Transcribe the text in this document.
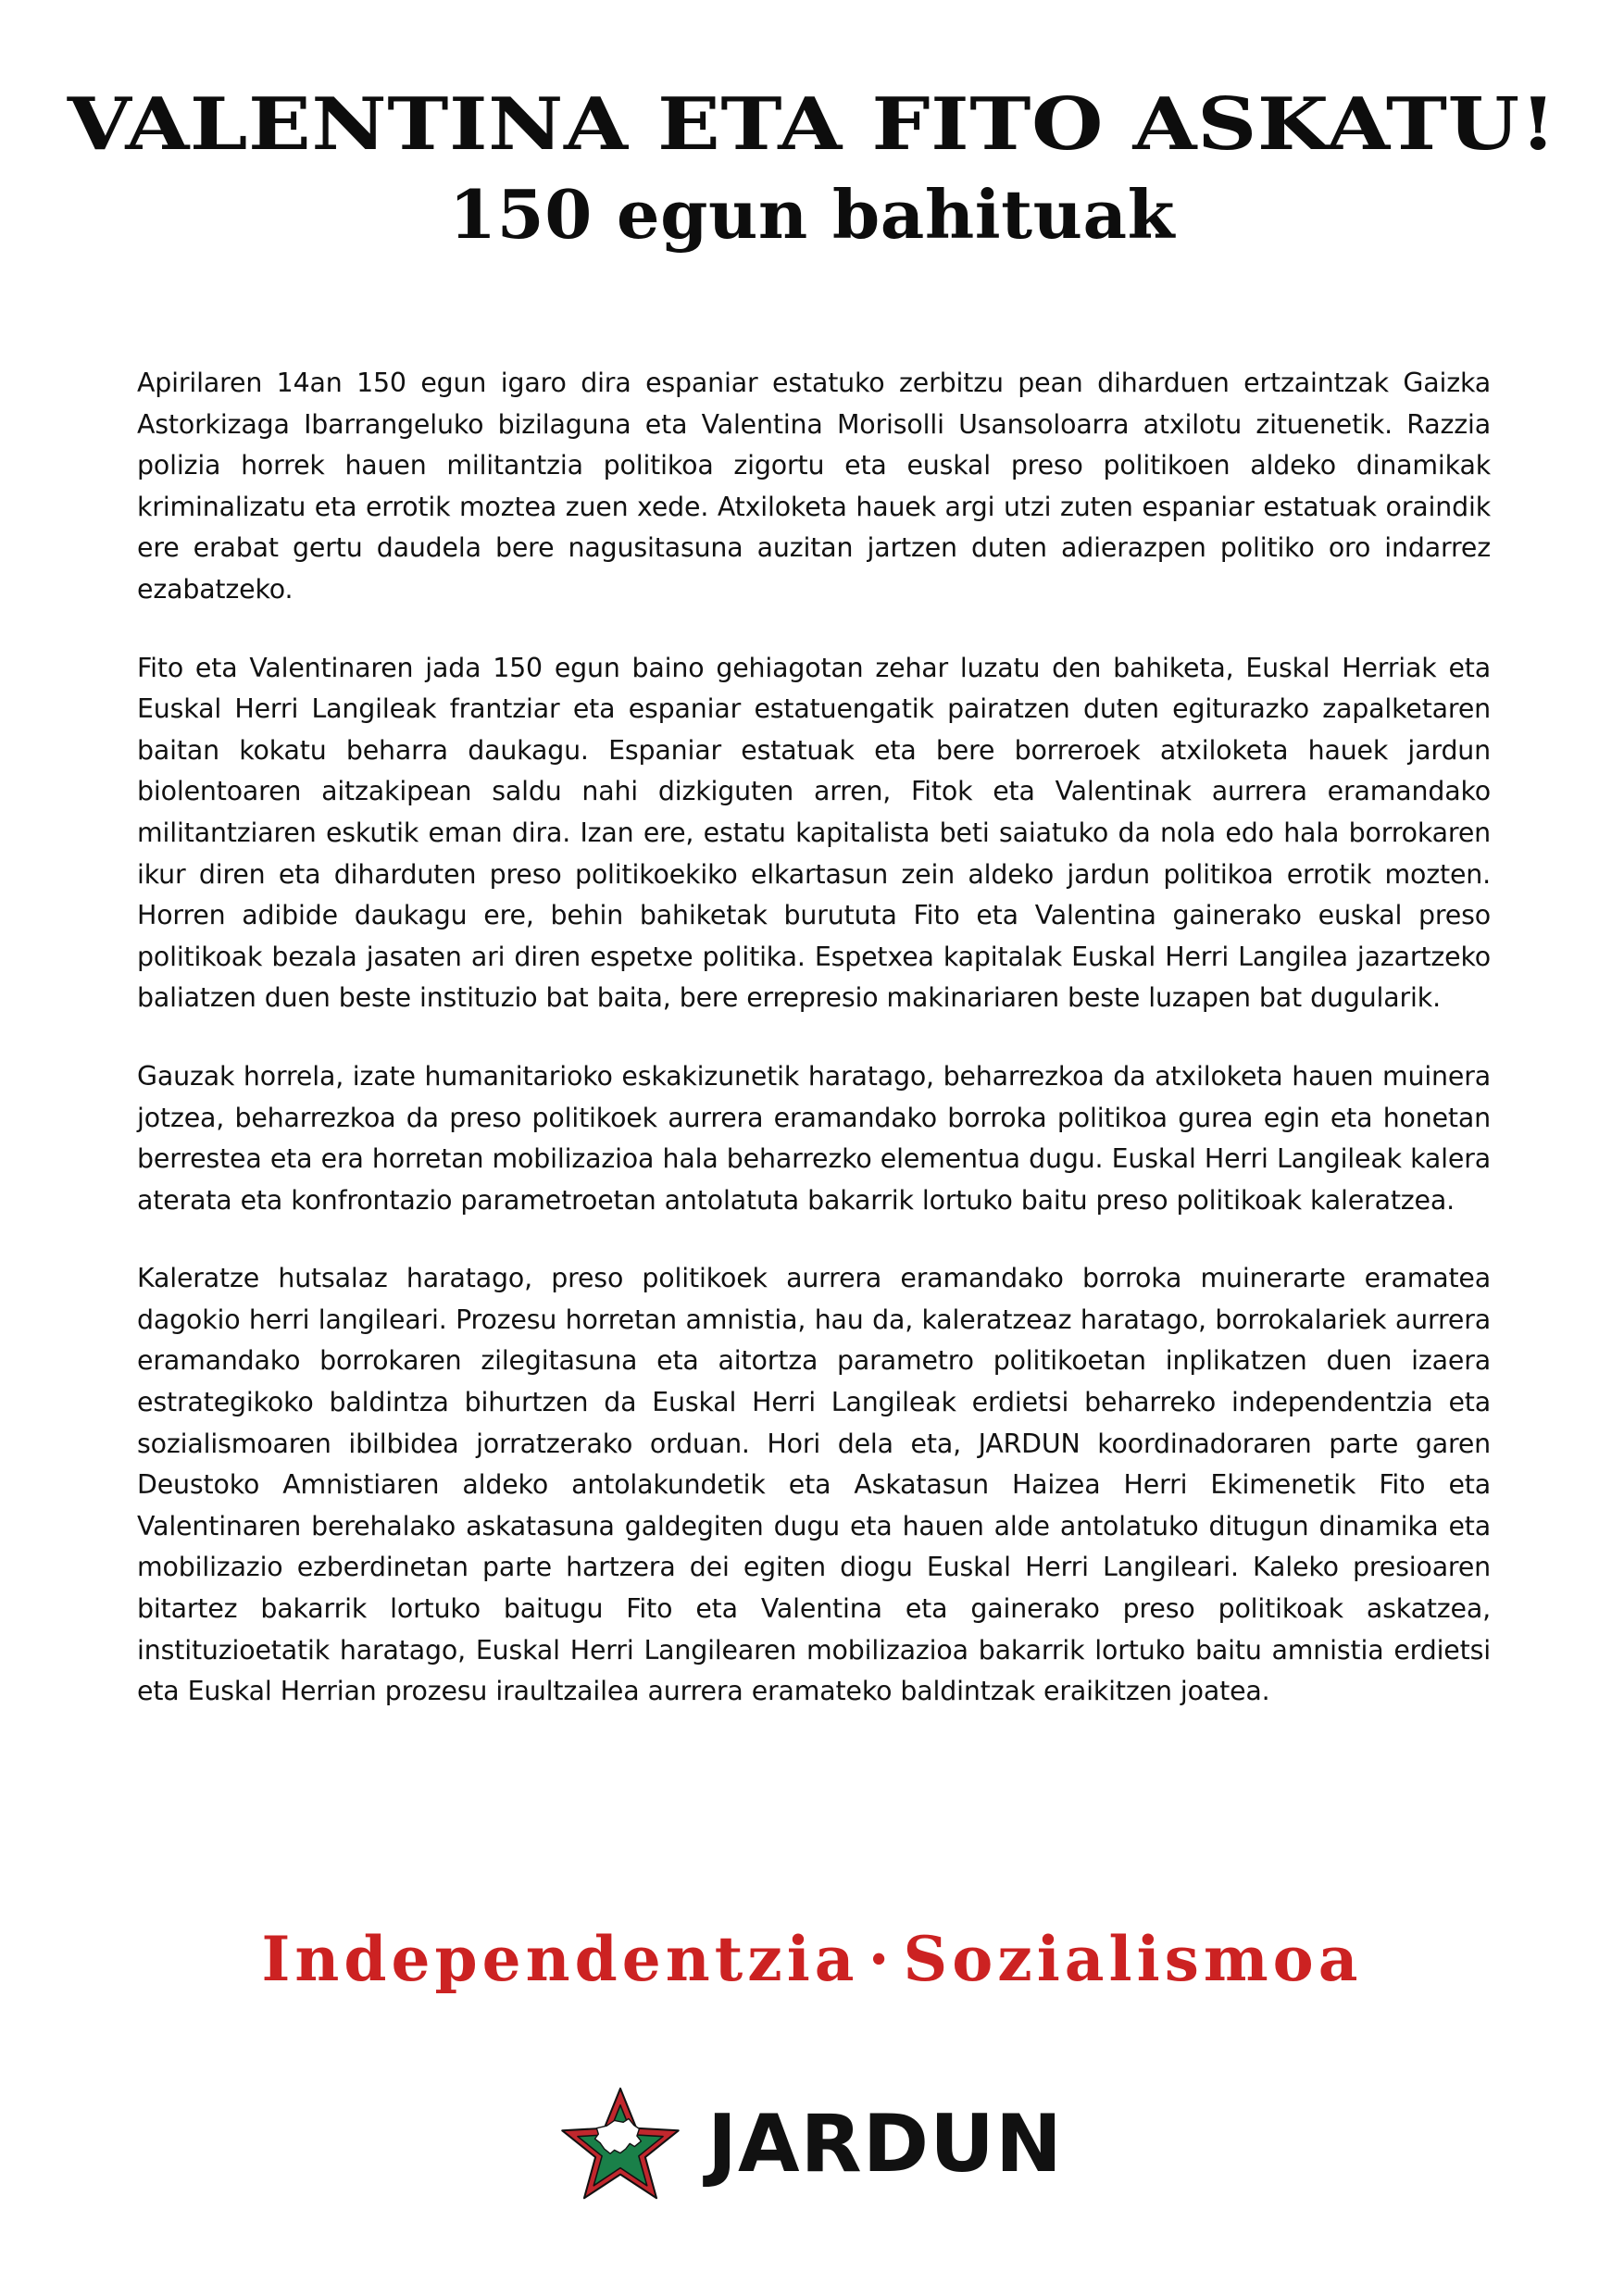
VALENTINA ETA FITO ASKATU!
150 egun bahituak

Apirilaren 14an 150 egun igaro dira espaniar estatuko zerbitzu pean diharduen ertzaintzak Gaizka Astorkizaga Ibarrangeluko bizilaguna eta Valentina Morisolli Usansoloarra atxilotu zituenetik. Razzia polizia horrek hauen militantzia politikoa zigortu eta euskal preso politikoen aldeko dinamikak kriminalizatu eta errotik moztea zuen xede. Atxiloketa hauek argi utzi zuten espaniar estatuak oraindik ere erabat gertu daudela bere nagusitasuna auzitan jartzen duten adierazpen politiko oro indarrez ezabatzeko.

Fito eta Valentinaren jada 150 egun baino gehiagotan zehar luzatu den bahiketa, Euskal Herriak eta Euskal Herri Langileak frantziar eta espaniar estatuengatik pairatzen duten egiturazko zapalketaren baitan kokatu beharra daukagu. Espaniar estatuak eta bere borreroek atxiloketa hauek jardun biolentoaren aitzakipean saldu nahi dizkiguten arren, Fitok eta Valentinak aurrera eramandako militantziaren eskutik eman dira. Izan ere, estatu kapitalista beti saiatuko da nola edo hala borrokaren ikur diren eta diharduten preso politikoekiko elkartasun zein aldeko jardun politikoa errotik mozten. Horren adibide daukagu ere, behin bahiketak burututa Fito eta Valentina gainerako euskal preso politikoak bezala jasaten ari diren espetxe politika. Espetxea kapitalak Euskal Herri Langilea jazartzeko baliatzen duen beste instituzio bat baita, bere errepresio makinariaren beste luzapen bat dugularik.

Gauzak horrela, izate humanitarioko eskakizunetik haratago, beharrezkoa da atxiloketa hauen muinera jotzea, beharrezkoa da preso politikoek aurrera eramandako borroka politikoa gurea egin eta honetan berrestea eta era horretan mobilizazioa hala beharrezko elementua dugu. Euskal Herri Langileak kalera aterata eta konfrontazio parametroetan antolatuta bakarrik lortuko baitu preso politikoak kaleratzea.

Kaleratze hutsalaz haratago, preso politikoek aurrera eramandako borroka muinerarte eramatea dagokio herri langileari. Prozesu horretan amnistia, hau da, kaleratzeaz haratago, borrokalariek aurrera eramandako borrokaren zilegitasuna eta aitortza parametro politikoetan inplikatzen duen izaera estrategikoko baldintza bihurtzen da Euskal Herri Langileak erdietsi beharreko independentzia eta sozialismoaren ibilbidea jorratzerako orduan. Hori dela eta, JARDUN koordinadoraren parte garen Deustoko Amnistiaren aldeko antolakundetik eta Askatasun Haizea Herri Ekimenetik Fito eta Valentinaren berehalako askatasuna galdegiten dugu eta hauen alde antolatuko ditugun dinamika eta mobilizazio ezberdinetan parte hartzera dei egiten diogu Euskal Herri Langileari. Kaleko presioaren bitartez bakarrik lortuko baitugu Fito eta Valentina eta gainerako preso politikoak askatzea, instituzioetatik haratago, Euskal Herri Langilearen mobilizazioa bakarrik lortuko baitu amnistia erdietsi eta Euskal Herrian prozesu iraultzailea aurrera eramateko baldintzak eraikitzen joatea.

Independentzia · Sozialismoa
JARDUN
